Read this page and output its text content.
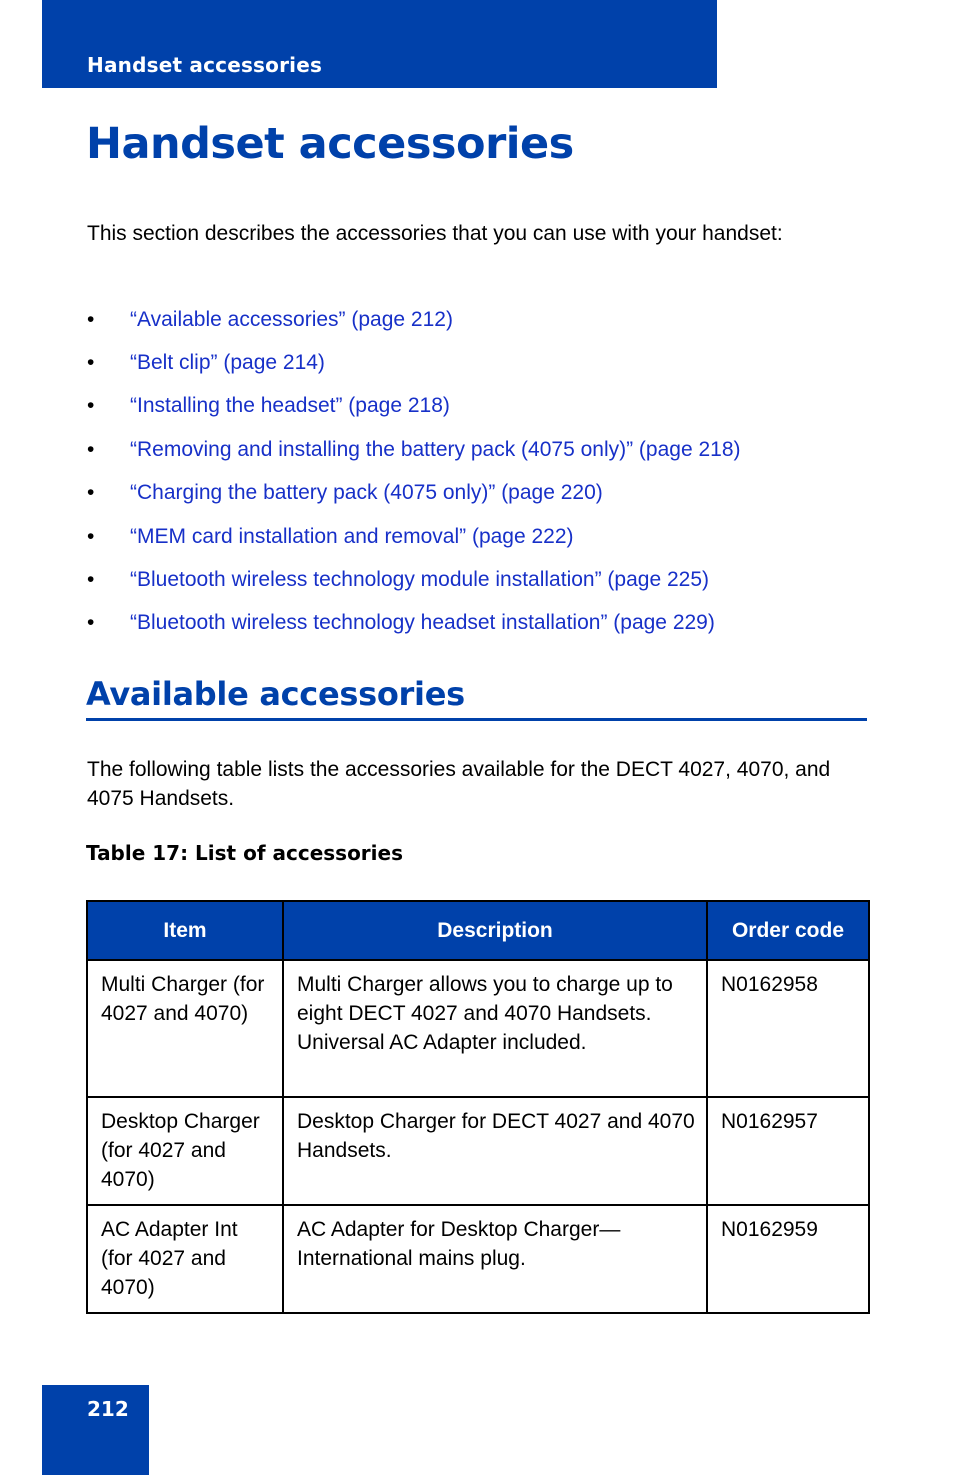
Handset accessories
Handset accessories

This section describes the accessories that you can use with your handset:

•	“Available accessories” (page 212)
•	“Belt clip” (page 214)
•	“Installing the headset” (page 218)
•	“Removing and installing the battery pack (4075 only)” (page 218)
•	“Charging the battery pack (4075 only)” (page 220)
•	“MEM card installation and removal” (page 222)
•	“Bluetooth wireless technology module installation” (page 225)
•	“Bluetooth wireless technology headset installation” (page 229)
Available accessories

The following table lists the accessories available for the DECT 4027, 4070, and 4075 Handsets.

Table 17: List of accessories

Item	Description	Order code
Multi Charger (for 4027 and 4070)	Multi Charger allows you to charge up to eight DECT 4027 and 4070 Handsets. Universal AC Adapter included.	N0162958
Desktop Charger (for 4027 and 4070)	Desktop Charger for DECT 4027 and 4070 Handsets.	N0162957
AC Adapter Int (for 4027 and 4070)	AC Adapter for Desktop Charger—International mains plug.	N0162959
212
